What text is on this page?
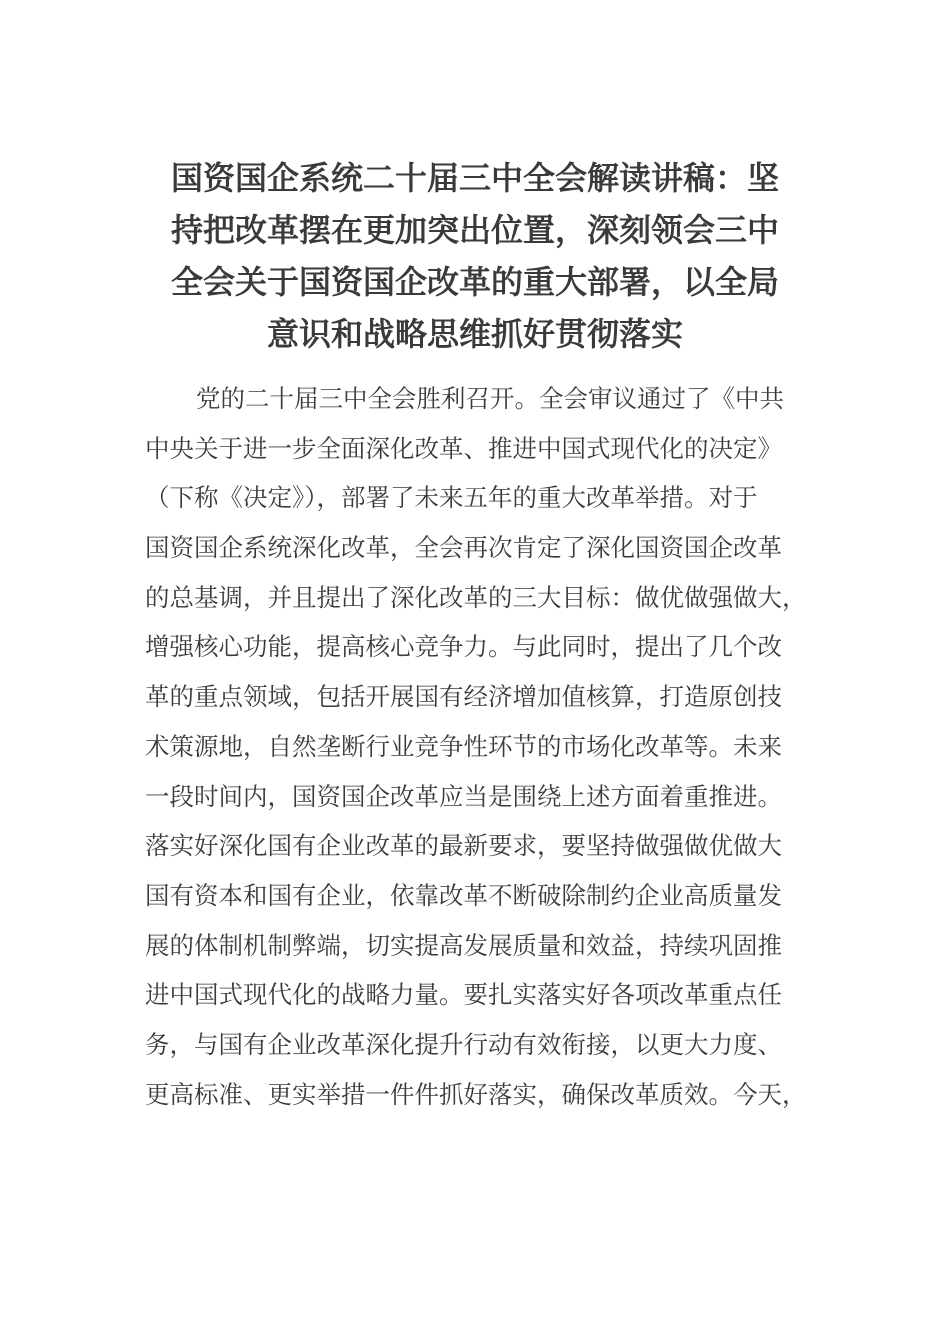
国资国企系统二十届三中全会解读讲稿：坚
持把改革摆在更加突出位置，深刻领会三中
全会关于国资国企改革的重大部署，以全局
意识和战略思维抓好贯彻落实
党的二十届三中全会胜利召开。全会审议通过了《中共
中央关于进一步全面深化改革、推进中国式现代化的决定》
（下称《决定》），部署了未来五年的重大改革举措。对于
国资国企系统深化改革，全会再次肯定了深化国资国企改革
的总基调，并且提出了深化改革的三大目标：做优做强做大，
增强核心功能，提高核心竞争力。与此同时，提出了几个改
革的重点领域，包括开展国有经济增加值核算，打造原创技
术策源地，自然垄断行业竞争性环节的市场化改革等。未来
一段时间内，国资国企改革应当是围绕上述方面着重推进。
落实好深化国有企业改革的最新要求，要坚持做强做优做大
国有资本和国有企业，依靠改革不断破除制约企业高质量发
展的体制机制弊端，切实提高发展质量和效益，持续巩固推
进中国式现代化的战略力量。要扎实落实好各项改革重点任
务，与国有企业改革深化提升行动有效衔接，以更大力度、
更高标准、更实举措一件件抓好落实，确保改革质效。今天，
